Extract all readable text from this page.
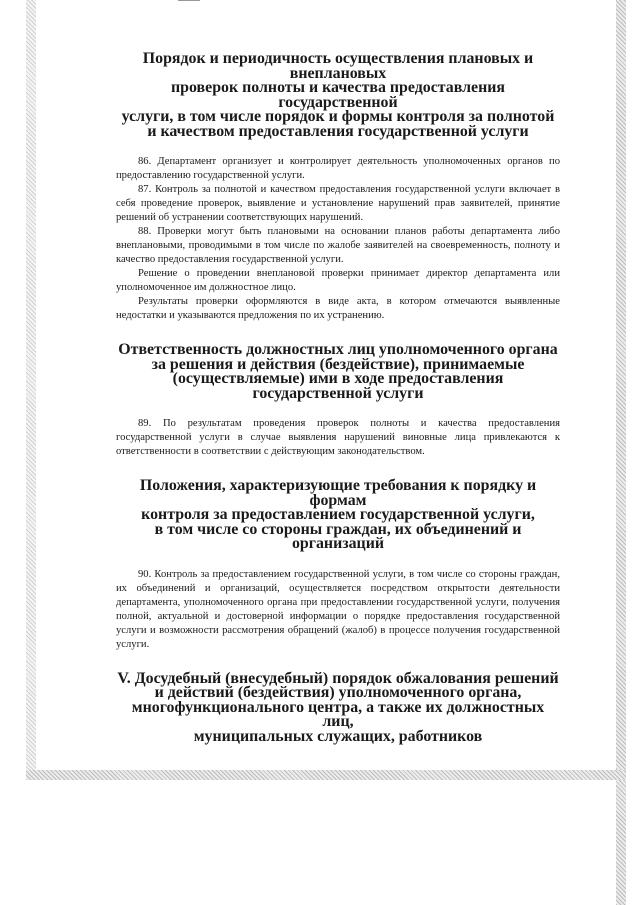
Порядок и периодичность осуществления плановых и внеплановых
проверок полноты и качества предоставления государственной
услуги, в том числе порядок и формы контроля за полнотой
и качеством предоставления государственной услуги

86. Департамент организует и контролирует деятельность уполномоченных органов по предоставлению государственной услуги.

87. Контроль за полнотой и качеством предоставления государственной услуги включает в себя проведение проверок, выявление и установление нарушений прав заявителей, принятие решений об устранении соответствующих нарушений.

88. Проверки могут быть плановыми на основании планов работы департамента либо внеплановыми, проводимыми в том числе по жалобе заявителей на своевременность, полноту и качество предоставления государственной услуги.

Решение о проведении внеплановой проверки принимает директор департамента или уполномоченное им должностное лицо.

Результаты проверки оформляются в виде акта, в котором отмечаются выявленные недостатки и указываются предложения по их устранению.

Ответственность должностных лиц уполномоченного органа
за решения и действия (бездействие), принимаемые
(осуществляемые) ими в ходе предоставления
государственной услуги

89. По результатам проведения проверок полноты и качества предоставления государственной услуги в случае выявления нарушений виновные лица привлекаются к ответственности в соответствии с действующим законодательством.

Положения, характеризующие требования к порядку и формам
контроля за предоставлением государственной услуги,
в том числе со стороны граждан, их объединений и организаций

90. Контроль за предоставлением государственной услуги, в том числе со стороны граждан, их объединений и организаций, осуществляется посредством открытости деятельности департамента, уполномоченного органа при предоставлении государственной услуги, получения полной, актуальной и достоверной информации о порядке предоставления государственной услуги и возможности рассмотрения обращений (жалоб) в процессе получения государственной услуги.

V. Досудебный (внесудебный) порядок обжалования решений
и действий (бездействия) уполномоченного органа,
многофункционального центра, а также их должностных лиц,
муниципальных служащих, работников
